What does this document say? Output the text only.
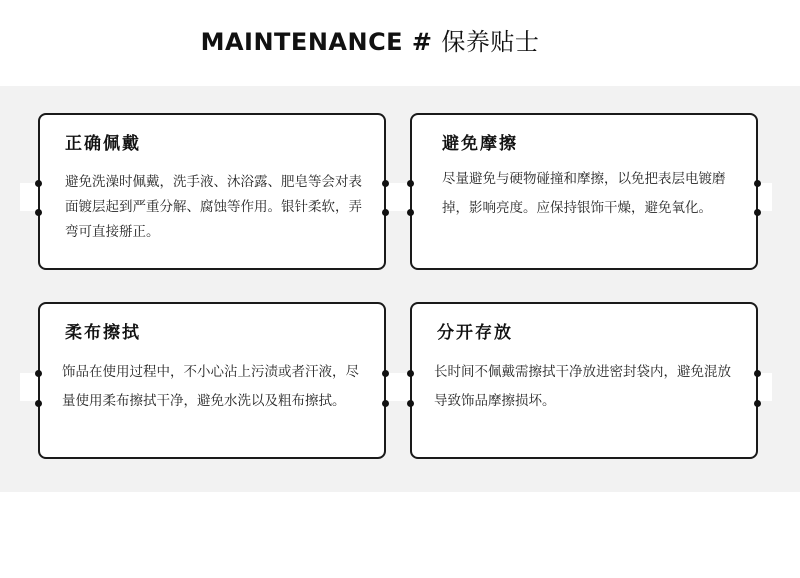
MAINTENANCE # 保养贴士
正确佩戴
避免洗澡时佩戴，洗手液、沐浴露、肥皂等会对表面镀层起到严重分解、腐蚀等作用。银针柔软，弄弯可直接掰正。
避免摩擦
尽量避免与硬物碰撞和摩擦，以免把表层电镀磨掉，影响亮度。应保持银饰干燥，避免氧化。
柔布擦拭
饰品在使用过程中，不小心沾上污渍或者汗液，尽量使用柔布擦拭干净，避免水洗以及粗布擦拭。
分开存放
长时间不佩戴需擦拭干净放进密封袋内，避免混放导致饰品摩擦损坏。
